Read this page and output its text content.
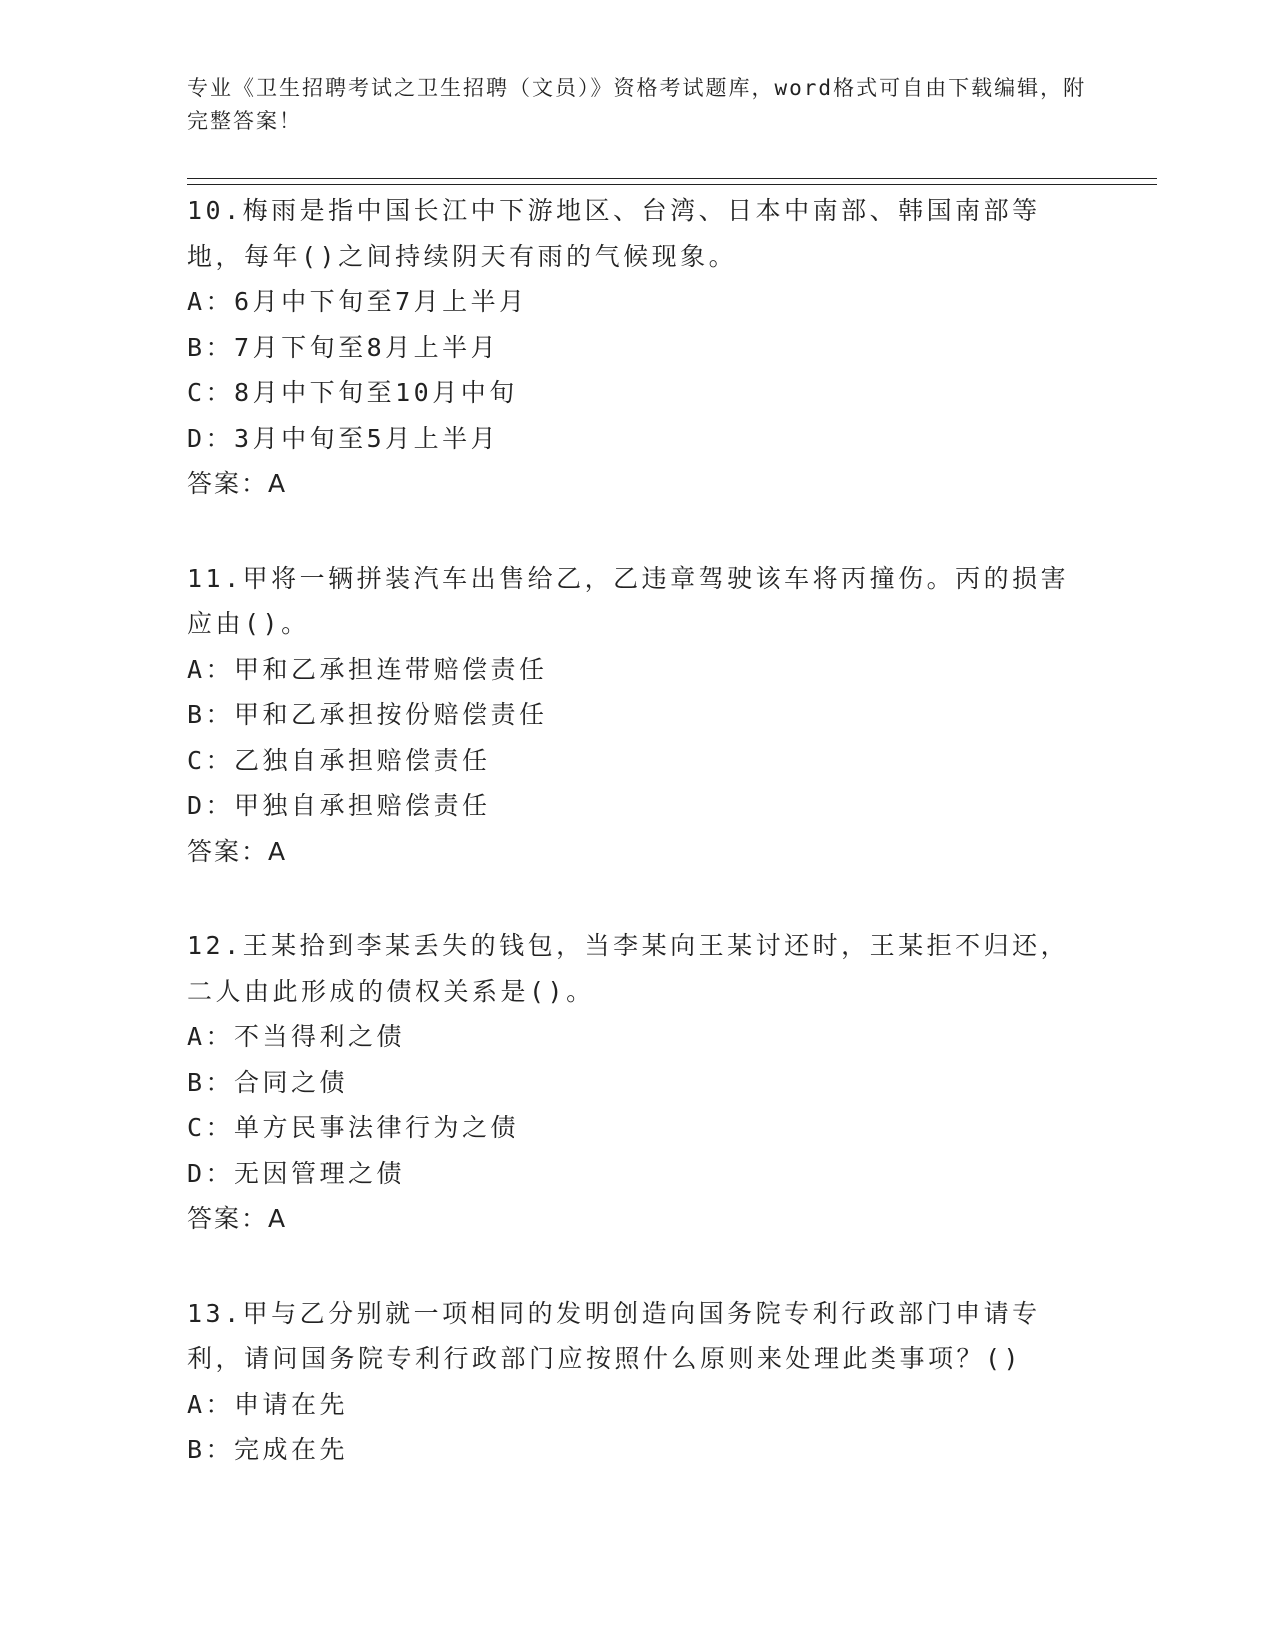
专业《卫生招聘考试之卫生招聘（文员）》资格考试题库，word格式可自由下载编辑，附完整答案！
10.梅雨是指中国长江中下游地区、台湾、日本中南部、韩国南部等地，每年()之间持续阴天有雨的气候现象。
A：6月中下旬至7月上半月
B：7月下旬至8月上半月
C：8月中下旬至10月中旬
D：3月中旬至5月上半月
答案：A
11.甲将一辆拼装汽车出售给乙，乙违章驾驶该车将丙撞伤。丙的损害应由()。
A：甲和乙承担连带赔偿责任
B：甲和乙承担按份赔偿责任
C：乙独自承担赔偿责任
D：甲独自承担赔偿责任
答案：A
12.王某拾到李某丢失的钱包，当李某向王某讨还时，王某拒不归还，二人由此形成的债权关系是()。
A：不当得利之债
B：合同之债
C：单方民事法律行为之债
D：无因管理之债
答案：A
13.甲与乙分别就一项相同的发明创造向国务院专利行政部门申请专利，请问国务院专利行政部门应按照什么原则来处理此类事项？()
A：申请在先
B：完成在先
